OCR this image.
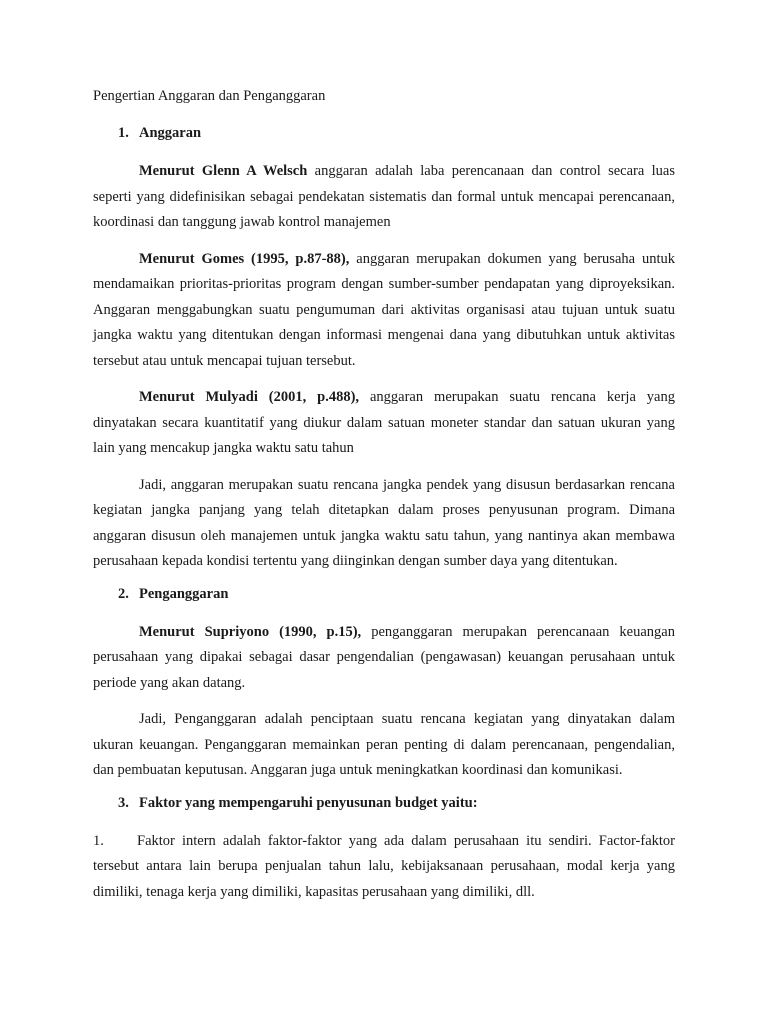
Pengertian Anggaran dan Penganggaran
1. Anggaran

Menurut Glenn A Welsch anggaran adalah laba perencanaan dan control secara luas seperti yang didefinisikan sebagai pendekatan sistematis dan formal untuk mencapai perencanaan, koordinasi dan tanggung jawab kontrol manajemen

Menurut Gomes (1995, p.87-88), anggaran merupakan dokumen yang berusaha untuk mendamaikan prioritas-prioritas program dengan sumber-sumber pendapatan yang diproyeksikan. Anggaran menggabungkan suatu pengumuman dari aktivitas organisasi atau tujuan untuk suatu jangka waktu yang ditentukan dengan informasi mengenai dana yang dibutuhkan untuk aktivitas tersebut atau untuk mencapai tujuan tersebut.

Menurut Mulyadi (2001, p.488), anggaran merupakan suatu rencana kerja yang dinyatakan secara kuantitatif yang diukur dalam satuan moneter standar dan satuan ukuran yang lain yang mencakup jangka waktu satu tahun

Jadi, anggaran merupakan suatu rencana jangka pendek yang disusun berdasarkan rencana kegiatan jangka panjang yang telah ditetapkan dalam proses penyusunan program. Dimana anggaran disusun oleh manajemen untuk jangka waktu satu tahun, yang nantinya akan membawa perusahaan kepada kondisi tertentu yang diinginkan dengan sumber daya yang ditentukan.

2. Penganggaran

Menurut Supriyono (1990, p.15), penganggaran merupakan perencanaan keuangan perusahaan yang dipakai sebagai dasar pengendalian (pengawasan) keuangan perusahaan untuk periode yang akan datang.

Jadi, Penganggaran adalah penciptaan suatu rencana kegiatan yang dinyatakan dalam ukuran keuangan. Penganggaran memainkan peran penting di dalam perencanaan, pengendalian, dan pembuatan keputusan. Anggaran juga untuk meningkatkan koordinasi dan komunikasi.

3. Faktor yang mempengaruhi penyusunan budget yaitu:

1. Faktor intern adalah faktor-faktor yang ada dalam perusahaan itu sendiri. Factor-faktor tersebut antara lain berupa penjualan tahun lalu, kebijaksanaan perusahaan, modal kerja yang dimiliki, tenaga kerja yang dimiliki, kapasitas perusahaan yang dimiliki, dll.
